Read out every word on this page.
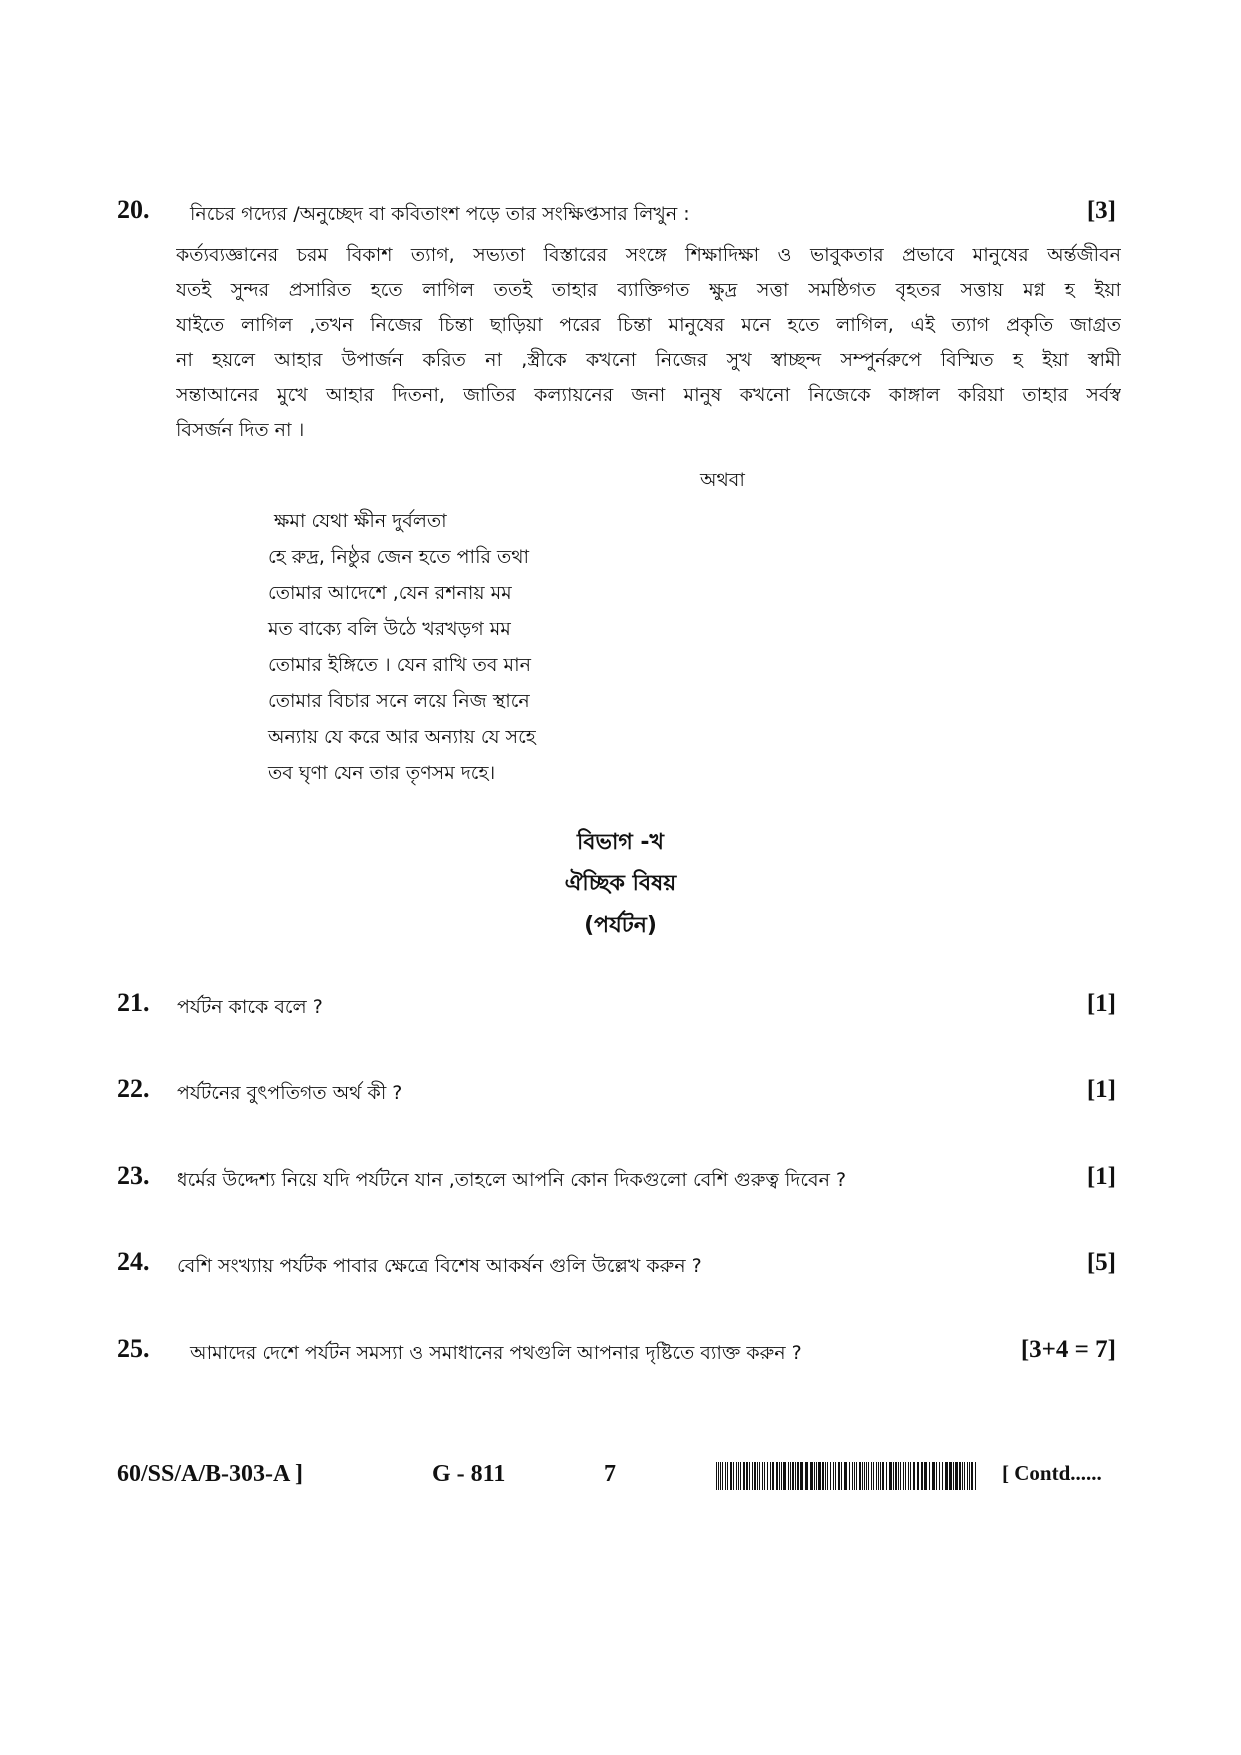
20. নিচের গদ্যের /অনুচ্ছেদ বা কবিতাংশ পড়ে তার সংক্ষিপ্তসার লিখুন :	[3]
কর্ত্যব্যজ্ঞানের চরম বিকাশ ত্যাগ, সভ্যতা বিস্তারের সংঙ্গে শিক্ষাদিক্ষা ও ভাবুকতার প্রভাবে মানুষের অর্ন্তজীবন
যতই সুন্দর প্রসারিত হতে লাগিল ততই তাহার ব্যাক্তিগত ক্ষুদ্র সত্তা সমষ্ঠিগত বৃহতর সত্তায় মগ্ন হ ইয়া
যাইতে লাগিল ,তখন নিজের চিন্তা ছাড়িয়া পরের চিন্তা মানুষের মনে হতে লাগিল, এই ত্যাগ প্রকৃতি জাগ্রত
না হয়লে আহার উপার্জন করিত না ,স্ত্রীকে কখনো নিজের সুখ স্বাচ্ছন্দ সম্পুর্নরুপে বিস্মিত হ ইয়া স্বামী
সন্তাআনের মুখে আহার দিতনা, জাতির কল্যায়নের জনা মানুষ কখনো নিজেকে কাঙ্গাল করিয়া তাহার সর্বস্ব
বিসর্জন দিত না ।
অথবা
ক্ষমা যেথা ক্ষীন দুর্বলতা
হে রুদ্র, নিষ্ঠুর জেন হতে পারি তথা
তোমার আদেশে ,যেন রশনায় মম
মত বাক্যে বলি উঠে খরখড়গ মম
তোমার ইঙ্গিতে । যেন রাখি তব মান
তোমার বিচার সনে লয়ে নিজ স্থানে
অন্যায় যে করে আর অন্যায় যে সহে
তব ঘৃণা যেন তার তৃণসম দহে।
বিভাগ -খ
ঐচ্ছিক বিষয়
(পর্যটন)
21. পর্যটন কাকে বলে ?	[1]
22. পর্যটনের বুৎপতিগত অর্থ কী ?	[1]
23. ধর্মের উদ্দেশ্য নিয়ে যদি পর্যটনে যান ,তাহলে আপনি কোন দিকগুলো বেশি গুরুত্ব দিবেন ?	[1]
24. বেশি সংখ্যায় পর্যটক পাবার ক্ষেত্রে বিশেষ আকর্ষন গুলি উল্লেখ করুন ?	[5]
25. আমাদের দেশে পর্যটন সমস্যা ও সমাধানের পথগুলি আপনার দৃষ্টিতে ব্যাক্ত করুন ?	[3+4 = 7]
60/SS/A/B-303-A ]	G - 811	7	[ Contd......
